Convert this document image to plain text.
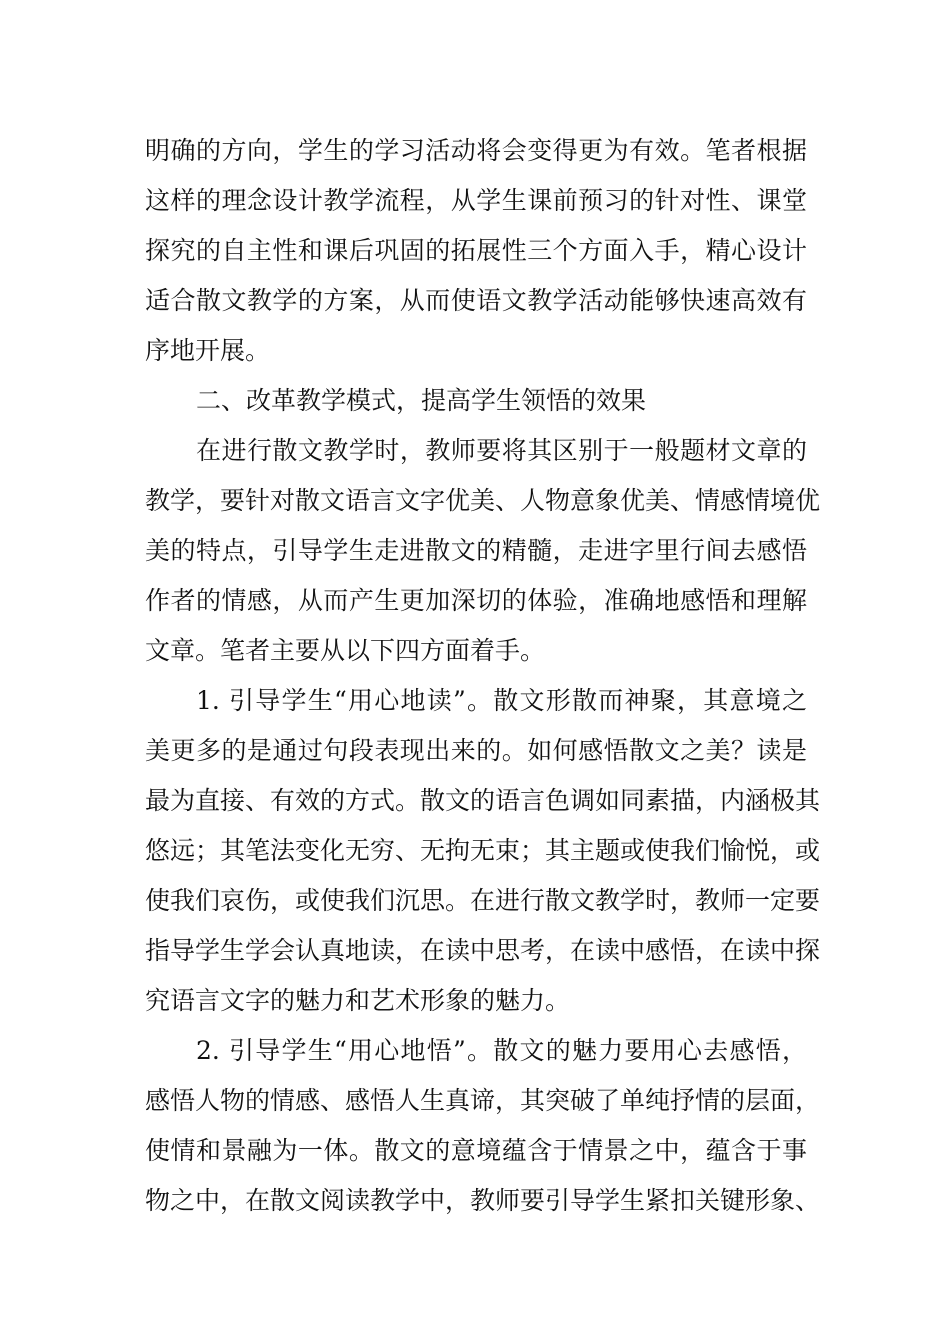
明确的方向，学生的学习活动将会变得更为有效。笔者根据
这样的理念设计教学流程，从学生课前预习的针对性、课堂
探究的自主性和课后巩固的拓展性三个方面入手，精心设计
适合散文教学的方案，从而使语文教学活动能够快速高效有
序地开展。
二、改革教学模式，提高学生领悟的效果
在进行散文教学时，教师要将其区别于一般题材文章的
教学，要针对散文语言文字优美、人物意象优美、情感情境优
美的特点，引导学生走进散文的精髓，走进字里行间去感悟
作者的情感，从而产生更加深切的体验，准确地感悟和理解
文章。笔者主要从以下四方面着手。
1. 引导学生“用心地读”。散文形散而神聚，其意境之
美更多的是通过句段表现出来的。如何感悟散文之美？读是
最为直接、有效的方式。散文的语言色调如同素描，内涵极其
悠远；其笔法变化无穷、无拘无束；其主题或使我们愉悦，或
使我们哀伤，或使我们沉思。在进行散文教学时，教师一定要
指导学生学会认真地读，在读中思考，在读中感悟，在读中探
究语言文字的魅力和艺术形象的魅力。
2. 引导学生“用心地悟”。散文的魅力要用心去感悟，
感悟人物的情感、感悟人生真谛，其突破了单纯抒情的层面，
使情和景融为一体。散文的意境蕴含于情景之中，蕴含于事
物之中，在散文阅读教学中，教师要引导学生紧扣关键形象、
